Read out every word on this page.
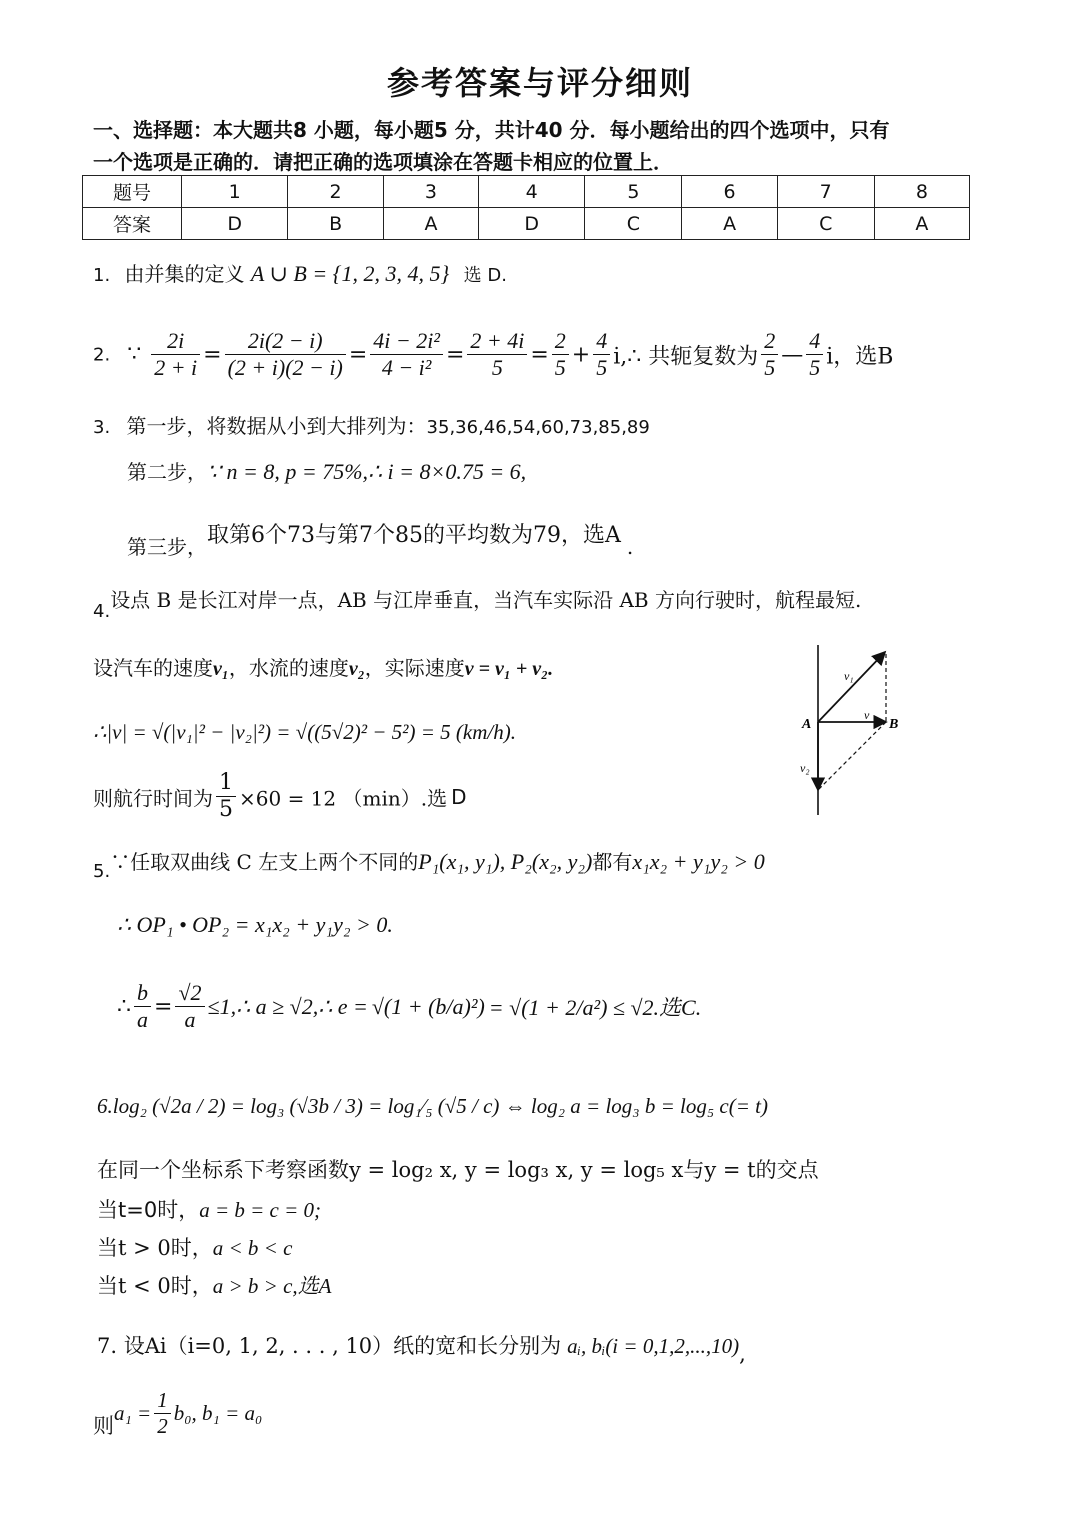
参考答案与评分细则
一、选择题：本大题共8 小题，每小题5 分，共计40 分．每小题给出的四个选项中，只有
一个选项是正确的．请把正确的选项填涂在答题卡相应的位置上．
题号	1	2	3	4	5	6	7	8
答案	D	B	A	D	C	A	C	A
1. 由并集的定义 A ∪ B = {1, 2, 3, 4, 5} 选 D.
2. ∵ $\frac{2i}{2 + i} = \frac{2i(2 - i)}{(2 + i)(2 - i)} = \frac{\text{4i − 2i²}}{\text{4 − i²}} = \frac{2 + 4i}{5} = \frac{2}{5} + \frac{4}{5}$ i,∴ 共轭复数为 $\frac{2}{5}$ — $\frac{4}{5}$ i，选B
3. 第一步，将数据从小到大排列为：35,36,46,54,60,73,85,89
第二步，∵ n = 8, p = 75%,∴ i = 8×0.75 = 6,
第三步，取第6个73与第7个85的平均数为79，选A .
4.设点 B 是长江对岸一点，AB 与江岸垂直，当汽车实际沿 AB 方向行驶时，航程最短.
设汽车的速度v₁，水流的速度v₂，实际速度v = v₁ + v₂.
∴|v| = √(|v₁|² − |v₂|²) = √((5√2)² − 5²) = 5 (km/h).
则航行时间为 $\frac{1}{5} \times 60 = 12$ （min）.选 D
v₁
v
v₂
A	B
5.∵任取双曲线 C 左支上两个不同的P₁(x₁, y₁), P₂(x₂, y₂)都有x₁x₂ + y₁y₂ > 0
∴ OP₁ • OP₂ = x₁x₂ + y₁y₂ > 0.
∴ $\frac{b}{a} = \frac{√2}{a}$ ≤1,∴ a ≥ √2,∴ e = √(1 + (b/a)²) = √(1 + 2/a²) ≤ √2.选C.
6.log₂ (√2a / 2) = log₃ (√3b / 3) = log₁⁄₅ (√5 / c) ⇔ log₂ a = log₃ b = log₅ c(= t)
在同一个坐标系下考察函数y = log₂ x, y = log₃ x, y = log₅ x与y = t的交点
当t=0时，a = b = c = 0;
当t > 0时，a < b < c
当t < 0时，a > b > c,选A
7. 设Ai（i=0, 1, 2, . . . , 10）纸的宽和长分别为 aᵢ, bᵢ(i = 0,1,2,...,10),
则$a_1 = \frac{1}{2} b_0$, b₁ = a₀
